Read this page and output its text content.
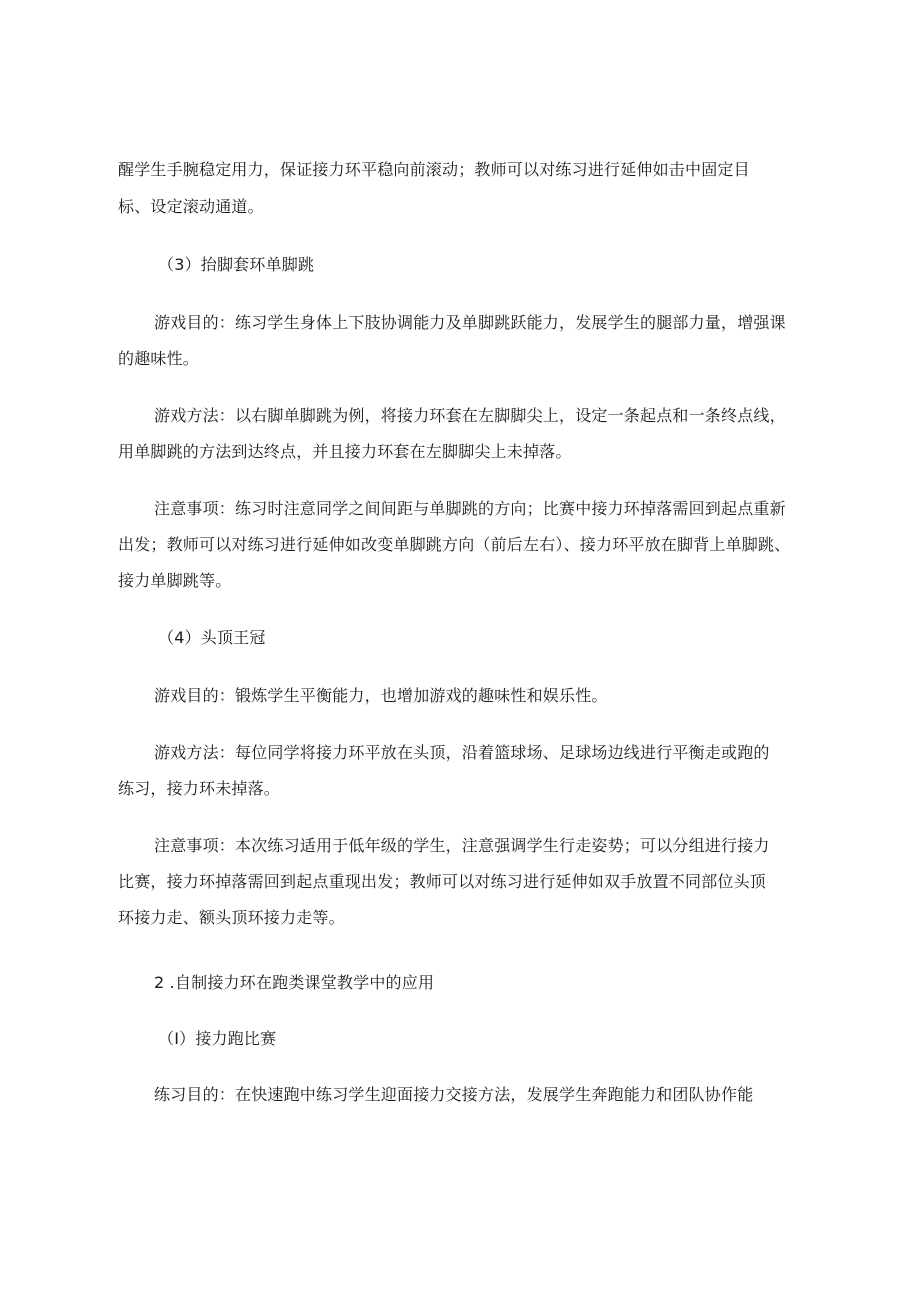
醒学生手腕稳定用力，保证接力环平稳向前滚动；教师可以对练习进行延伸如击中固定目
标、设定滚动通道。
（3）抬脚套环单脚跳
游戏目的：练习学生身体上下肢协调能力及单脚跳跃能力，发展学生的腿部力量，增强课
的趣味性。
游戏方法：以右脚单脚跳为例，将接力环套在左脚脚尖上，设定一条起点和一条终点线，
用单脚跳的方法到达终点，并且接力环套在左脚脚尖上未掉落。
注意事项：练习时注意同学之间间距与单脚跳的方向；比赛中接力环掉落需回到起点重新
出发；教师可以对练习进行延伸如改变单脚跳方向（前后左右）、接力环平放在脚背上单脚跳、
接力单脚跳等。
（4）头顶王冠
游戏目的：锻炼学生平衡能力，也增加游戏的趣味性和娱乐性。
游戏方法：每位同学将接力环平放在头顶，沿着篮球场、足球场边线进行平衡走或跑的
练习，接力环未掉落。
注意事项：本次练习适用于低年级的学生，注意强调学生行走姿势；可以分组进行接力
比赛，接力环掉落需回到起点重现出发；教师可以对练习进行延伸如双手放置不同部位头顶
环接力走、额头顶环接力走等。
2 .自制接力环在跑类课堂教学中的应用
（I）接力跑比赛
练习目的：在快速跑中练习学生迎面接力交接方法，发展学生奔跑能力和团队协作能
